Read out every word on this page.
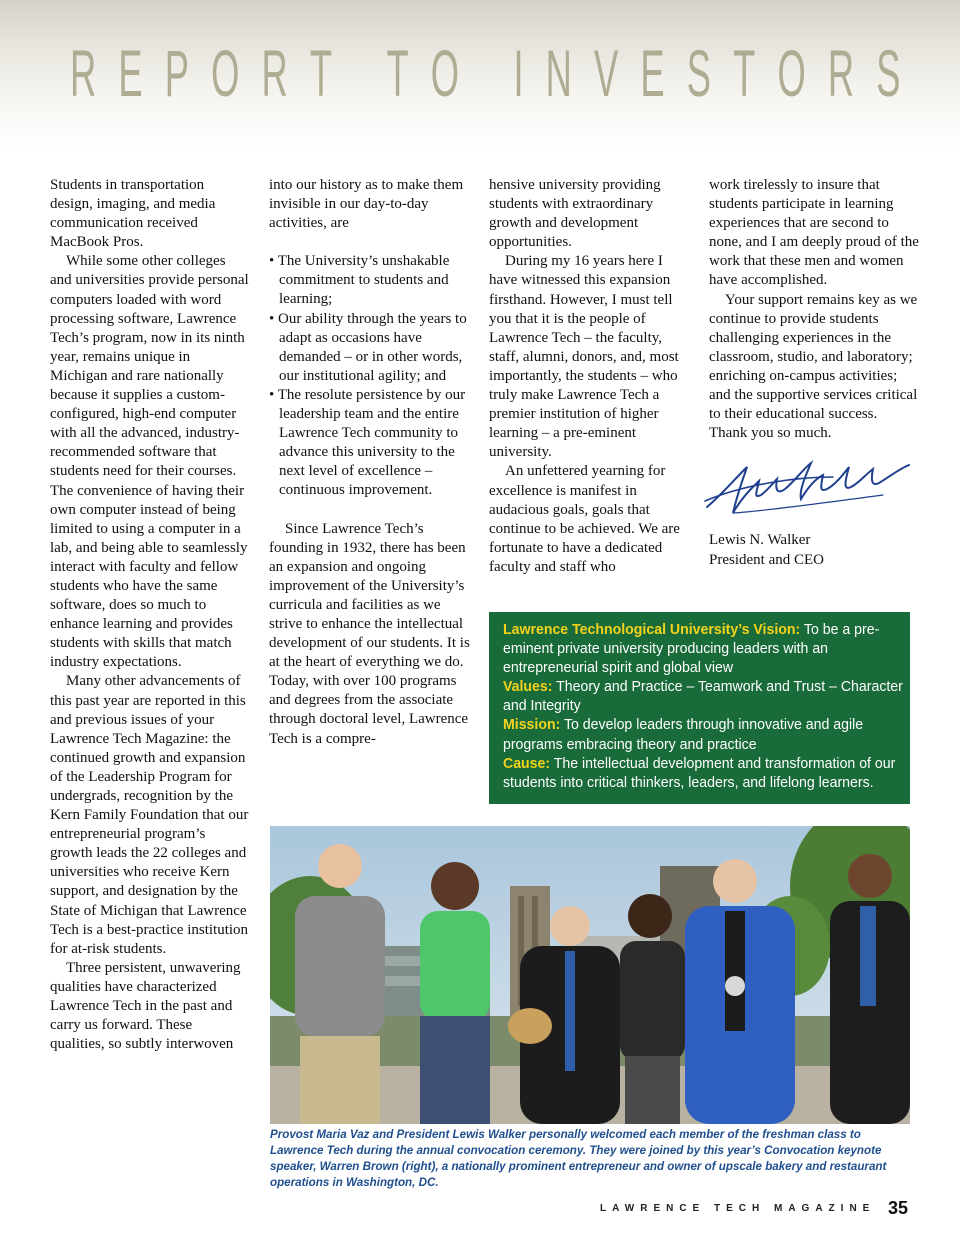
R E P O R T
T O
I N V E S T O R S

Students in transportation design, imaging, and media communication received MacBook Pros.

While some other colleges and universities provide personal computers loaded with word processing software, Lawrence Tech’s program, now in its ninth year, remains unique in Michigan and rare nationally because it supplies a custom-configured, high-end computer with all the advanced, industry-recommended software that students need for their courses. The convenience of having their own computer instead of being limited to using a computer in a lab, and being able to seamlessly interact with faculty and fellow students who have the same software, does so much to enhance learning and provides students with skills that match industry expectations.

Many other advancements of this past year are reported in this and previous issues of your Lawrence Tech Magazine: the continued growth and expansion of the Leadership Program for undergrads, recognition by the Kern Family Foundation that our entrepreneurial program’s growth leads the 22 colleges and universities who receive Kern support, and designation by the State of Michigan that Lawrence Tech is a best-practice institution for at-risk students.

Three persistent, unwavering qualities have characterized Lawrence Tech in the past and carry us forward. These qualities, so subtly interwoven

into our history as to make them invisible in our day-to-day activities, are

• The University’s unshakable commitment to students and learning;
• Our ability through the years to adapt as occasions have demanded – or in other words, our institutional agility; and
• The resolute persistence by our leadership team and the entire Lawrence Tech community to advance this university to the next level of excellence – continuous improvement.

Since Lawrence Tech’s founding in 1932, there has been an expansion and ongoing improvement of the University’s curricula and facilities as we strive to enhance the intellectual development of our students. It is at the heart of everything we do. Today, with over 100 programs and degrees from the associate through doctoral level, Lawrence Tech is a compre-

hensive university providing students with extraordinary growth and development opportunities.

During my 16 years here I have witnessed this expansion firsthand. However, I must tell you that it is the people of Lawrence Tech – the faculty, staff, alumni, donors, and, most importantly, the students – who truly make Lawrence Tech a premier institution of higher learning – a pre-eminent university.

An unfettered yearning for excellence is manifest in audacious goals, goals that continue to be achieved. We are fortunate to have a dedicated faculty and staff who

work tirelessly to insure that students participate in learning experiences that are second to none, and I am deeply proud of the work that these men and women have accomplished.

Your support remains key as we continue to provide students challenging experiences in the classroom, studio, and laboratory; enriching on-campus activities; and the supportive services critical to their educational success. Thank you so much.

Lewis N. Walker

President and CEO

Lawrence Technological University’s Vision: To be a pre-eminent private university producing leaders with an entrepreneurial spirit and global view

Values: Theory and Practice – Teamwork and Trust – Character and Integrity

Mission: To develop leaders through innovative and agile programs embracing theory and practice

Cause: The intellectual development and transformation of our students into critical thinkers, leaders, and lifelong learners.

Provost Maria Vaz and President Lewis Walker personally welcomed each member of the freshman class to Lawrence Tech during the annual convocation ceremony. They were joined by this year’s Convocation keynote speaker, Warren Brown (right), a nationally prominent entrepreneur and owner of upscale bakery and restaurant operations in Washington, DC.

LAWRENCE TECH MAGAZINE 35
